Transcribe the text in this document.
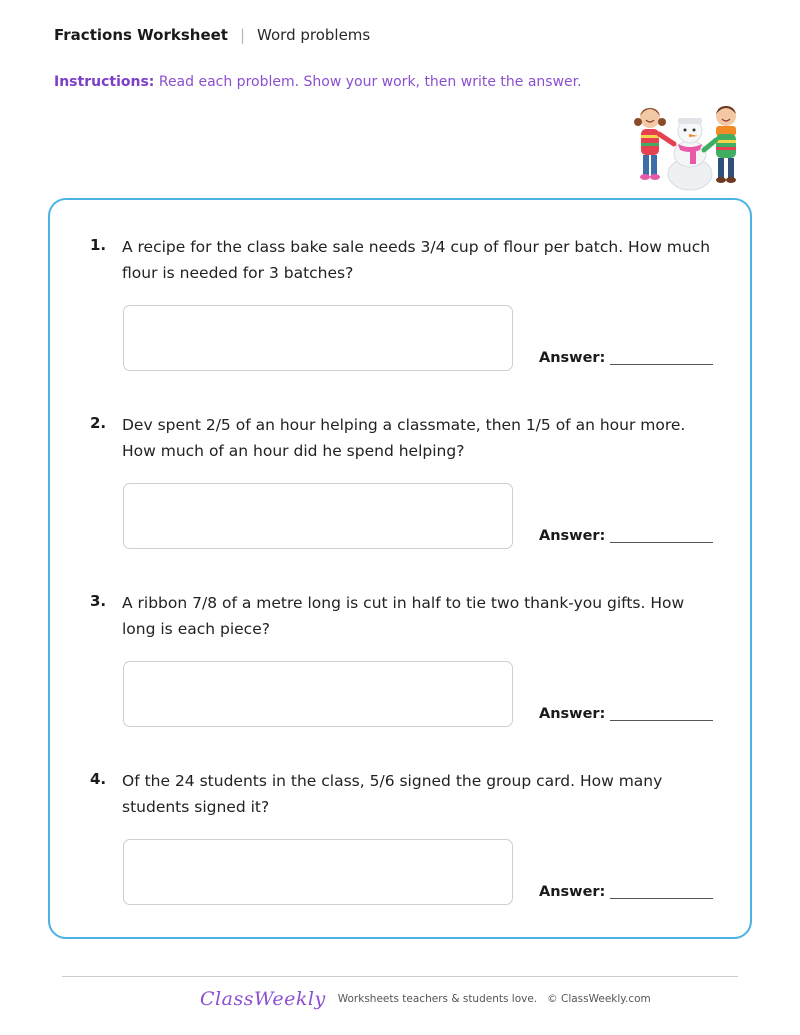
Fractions Worksheet | Word problems
Instructions: Read each problem. Show your work, then write the answer.
1. A recipe for the class bake sale needs 3/4 cup of flour per batch. How much flour is needed for 3 batches?
Answer:
2. Dev spent 2/5 of an hour helping a classmate, then 1/5 of an hour more. How much of an hour did he spend helping?
Answer:
3. A ribbon 7/8 of a metre long is cut in half to tie two thank-you gifts. How long is each piece?
Answer:
4. Of the 24 students in the class, 5/6 signed the group card. How many students signed it?
Answer:
ClassWeekly Worksheets teachers & students love. © ClassWeekly.com
